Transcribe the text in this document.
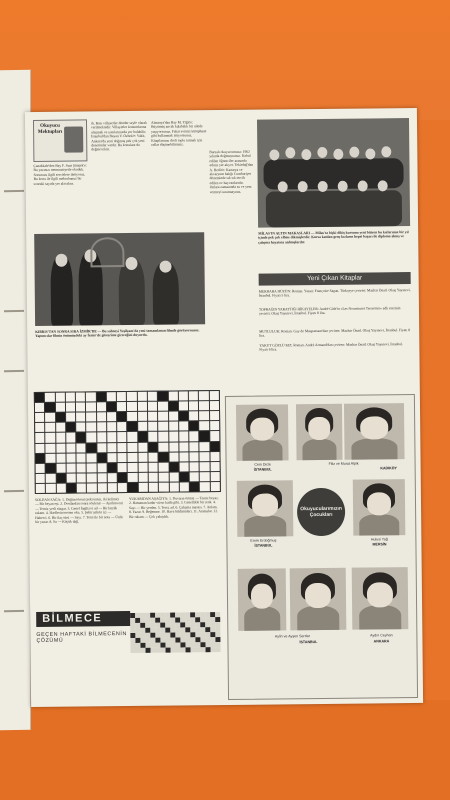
Okuyucu Mektupları
Çanakkale'den Bay F. Suat Şimşek'e: Bu yazınızı memnuniyetle okuduk. Sorunuzu ilgili servislere iletiyoruz. Bu konu ile ilgili mektubunuz bir sonraki sayıda yer alacaktır.
dı. Bazı villayetler dönder seyfe olarak verilmektedir. Villayetler konumlarına ulaşmak ve yazılarınızda yer bulabilir. İstanbul'dan Bayan V. Özbek'e: Vakit, Ankara'da yeni doğmuş pek çok yeni denetimler vardır. Bu konulara da değinecektir.
Almanya'dan Bay M. Yiğit'e: Büyümüş ancak kalabalık bir ailede yaşıyorsunuz. Fakat evinizi kütüphane gibi kullanmak istiyorsunuz. Kitaplarınızı derli toplu tutmak için raflar düşünebilirsiniz.
KIBRIS'TAN SONRA SIRA İZMİR'DE — Bu sahneyi Yeşilçam'da yeni tamamlanan filmde görüyorsunuz. Yapımcılar filmin önümüzdeki ay İzmir'de gösterime gireceğini duyurdu.
Bursalı okuyucumuza: 1962 yılında doğmuşsunuz. Kabul edilen öğrenciler arasında adınız yer alıyor. Tekirdağ'dan A. Bedir'e: Kanarya ve akvaryum balığı Cumhuriyet döneminde sık sık tercih edilen ev hayvanlarıdır. Onlara zamanında su ve yem vermeyi unutmayınız.
MİLAS'IN ALTIN MAKASLARI — Milas'ta biçki dikiş kursunu yeni bitiren bu kızlarımız bir yıl içinde pek çok elbise dikmişlerdir. Kursa katılan genç kızların hepsi başarı ile diploma almış ve çalışma hayatına atılmışlardır.
Yeni Çıkan Kitaplar
MERHABA HÜZÜN: Roman. Yazan: Françoise Sagan. Türkçeye çeviren: Mazhar Önad. Okuş Yayınevi, İstanbul. Fiyatı 5 lira.
TOPRAĞIN YARATTIĞI HİKAYELER: André Gide'in «Les Nourritures Terrestres» adlı eserinin çevirisi. Okuş Yayınevi, İstanbul. Fiyatı 8 lira.
MUTLULUK: Roman. Guy de Maupassant'dan çeviren: Mazhar Önad. Okuş Yayınevi, İstanbul. Fiyatı 8 lira.
YAKUT GÖZLÜ KIZ: Roman. André Armand'dan çeviren: Mazhar Önad. Okuş Yayınevi, İstanbul. Fiyatı 6 lira.
SOLDAN SAĞA: 1. Düğün töreni (eski terim, iki kelime) — Bir beyan eşi. 2. Dostlardan sonra söylenir — Ayrılma eni — Temiz yerli rüzgar. 3. Genel İngilizce ad — Bir küçük rakam. 4. Harflerin tersten oku. 5. Şehir şehrin içi — Haberci. 6. Bir ilaç türü — Sayı. 7. Tersi ile bir nota — Ünlü bir yazar. 8. Su — Küçük dağ.
YUKARIDAN AŞAĞIYA: 1. Duvarın örtüsü — Temiz beyaz. 2. Hanuman kadar vücut kalfa gibi. 3. Genellikle bir renk. 4. Sayı — Bir yerden. 5. Tersi, ad. 6. Çalışma masası. 7. Anlam. 8. Yazar. 9. Beğenme. 10. Hava bildirimleri. 11. Atamalar. 12. Bir rakam — Çok yakışıklı.
Cem Dicle
İSTANBUL
Filiz ve Murat Alpik
KADIKÖY
Emre Erdoğmuş
İSTANBUL
Okuyucularımızın Çocukları
Hulusi Yağ
MERSİN
Aylin ve Ayşen Serdar
İSTANBUL
Aydın Ceyhan
ANKARA
BİLMECE
GEÇEN HAFTAKİ BİLMECENİN ÇÖZÜMÜ
